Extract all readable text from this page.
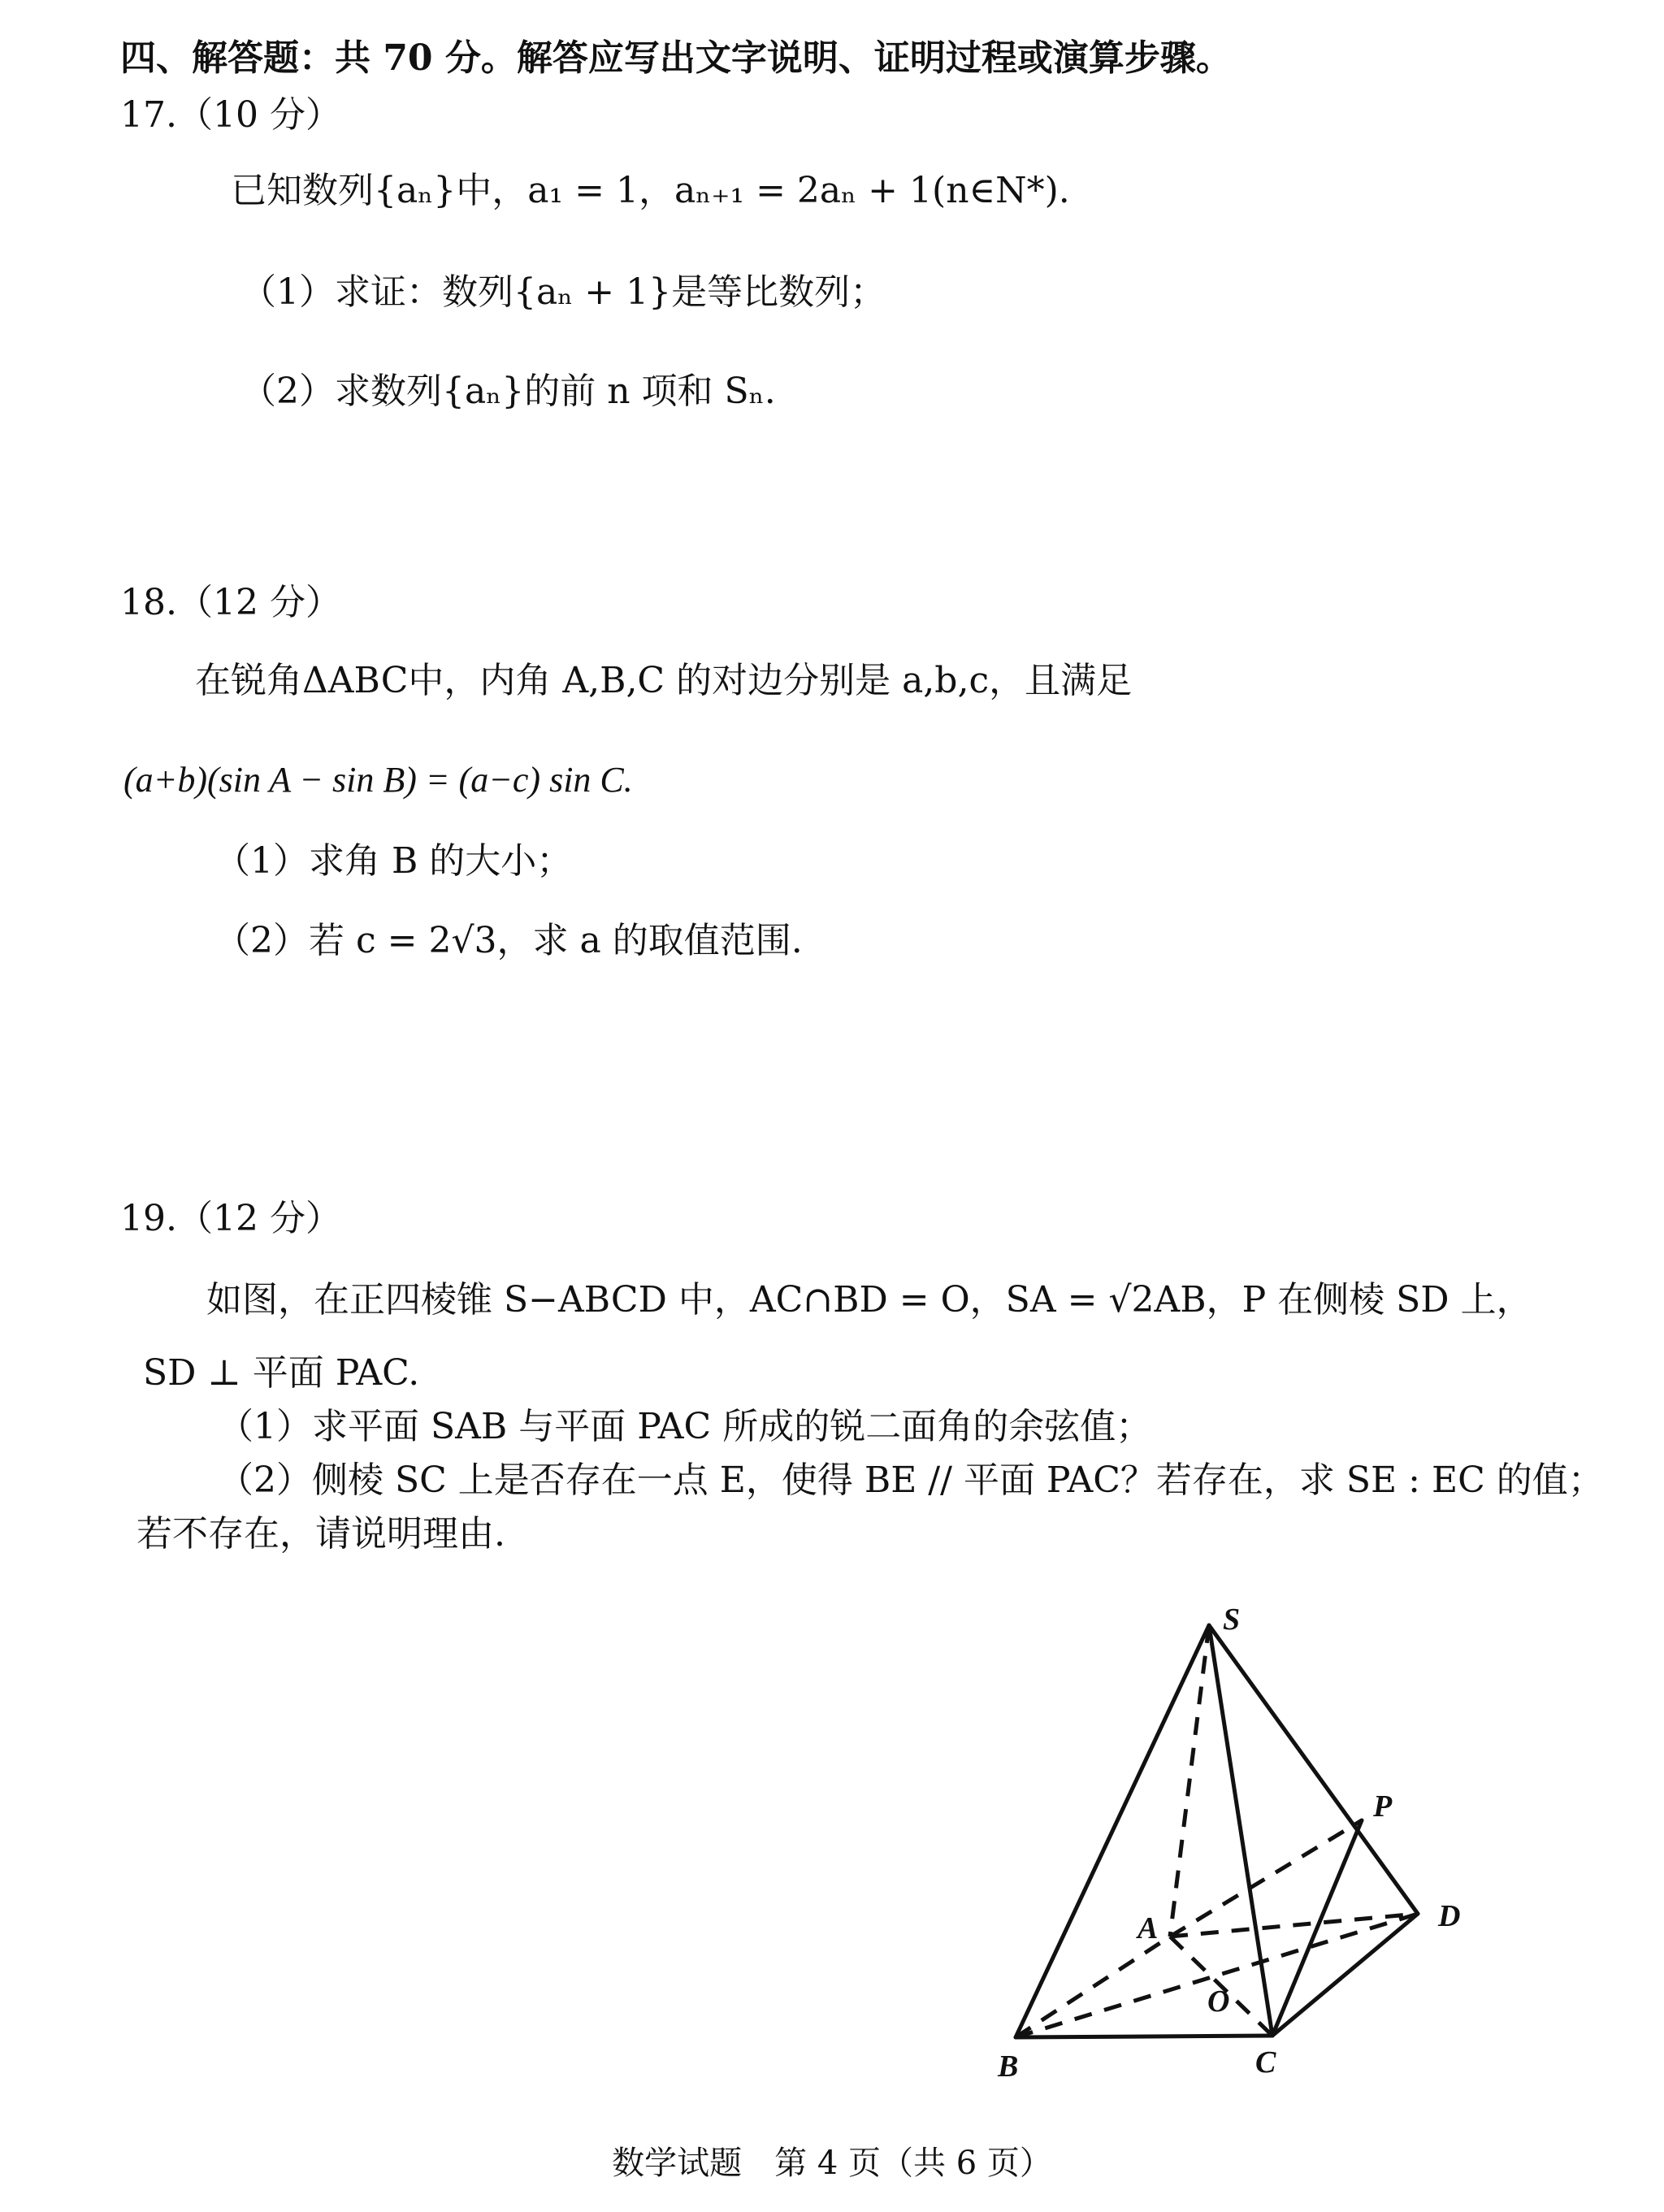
四、解答题：共 70 分。解答应写出文字说明、证明过程或演算步骤。
17.（10 分）
已知数列{aₙ}中，a₁ = 1，aₙ₊₁ = 2aₙ + 1(n∈N*).
（1）求证：数列{aₙ + 1}是等比数列；
（2）求数列{aₙ}的前 n 项和 Sₙ.
18.（12 分）
在锐角ΔABC中，内角 A,B,C 的对边分别是 a,b,c，且满足
(a+b)(sin A − sin B) = (a−c) sin C.
（1）求角 B 的大小；
（2）若 c = 2√3，求 a 的取值范围.
19.（12 分）
如图，在正四棱锥 S−ABCD 中，AC∩BD = O，SA = √2AB，P 在侧棱 SD 上，
SD ⊥ 平面 PAC.
（1）求平面 SAB 与平面 PAC 所成的锐二面角的余弦值；
（2）侧棱 SC 上是否存在一点 E，使得 BE // 平面 PAC？若存在，求 SE : EC 的值；
若不存在，请说明理由.
S
A
B	C
D
O
P
数学试题　第 4 页（共 6 页）
